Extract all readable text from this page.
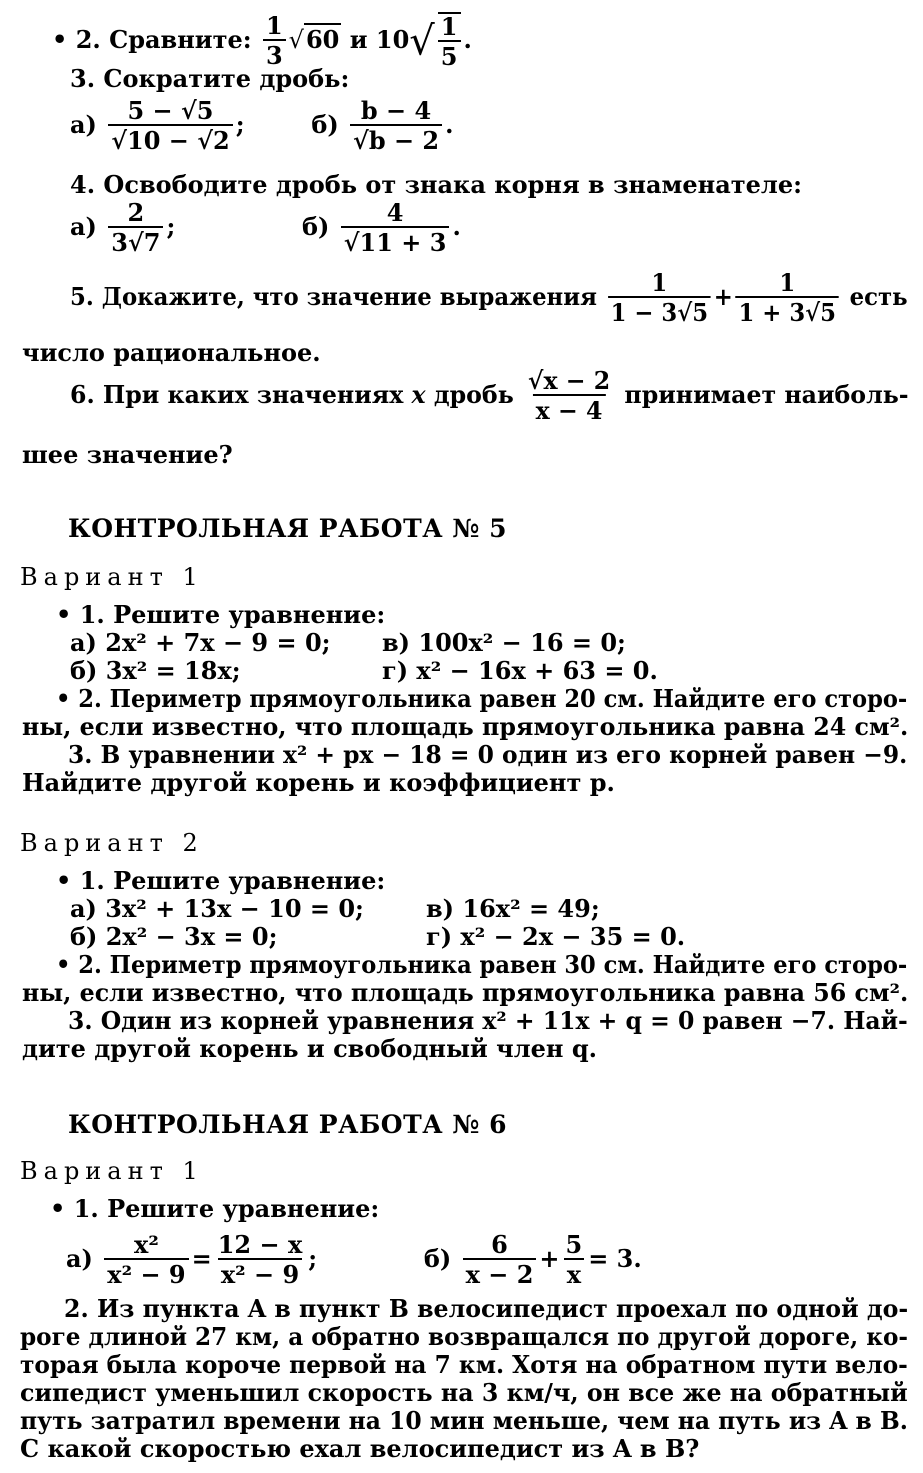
• 2. Сравните: $\frac{1}{3} √60$ и $10√ \frac{1}{5}$ .
3. Сократите дробь:
$а) \frac{5 - √5}{√10 - √2}$ ;	$б) \frac{b - 4}{√b - 2}$ .
4. Освободите дробь от знака корня в знаменателе:
$а) \frac{2}{3√7}$ ;	$б) \frac{4}{√11 + 3}$ .
5. Докажите, что значение выражения $\frac{1}{1 - 3√5} + \frac{1}{1 + 3√5}$ есть
число рациональное.
6. При каких значениях x дробь $\frac{√x - 2}{x - 4}$ принимает наиболь-
шее значение?
КОНТРОЛЬНАЯ РАБОТА № 5
Вариант 1
• 1. Решите уравнение:
а) 2x² + 7x − 9 = 0; в) 100x² − 16 = 0;
б) 3x² = 18x;	г) x² − 16x + 63 = 0.
• 2. Периметр прямоугольника равен 20 см. Найдите его сторо-
ны, если известно, что площадь прямоугольника равна 24 см².
3. В уравнении x² + px − 18 = 0 один из его корней равен −9.
Найдите другой корень и коэффициент p.
Вариант 2
• 1. Решите уравнение:
а) 3x² + 13x − 10 = 0;	в) 16x² = 49;
б) 2x² − 3x = 0;	г) x² − 2x − 35 = 0.
• 2. Периметр прямоугольника равен 30 см. Найдите его сторо-
ны, если известно, что площадь прямоугольника равна 56 см².
3. Один из корней уравнения x² + 11x + q = 0 равен −7. Най-
дите другой корень и свободный член q.
КОНТРОЛЬНАЯ РАБОТА № 6
Вариант 1
• 1. Решите уравнение:
$а) \frac{\text{x²}}{\text{x² − 9}} = \frac{12 - x}{\text{x² − 9}}$ ;	$б) \frac{6}{x - 2} + \frac{5}{x} = 3$.
2. Из пункта A в пункт B велосипедист проехал по одной до-
роге длиной 27 км, а обратно возвращался по другой дороге, ко-
торая была короче первой на 7 км. Хотя на обратном пути вело-
сипедист уменьшил скорость на 3 км/ч, он все же на обратный
путь затратил времени на 10 мин меньше, чем на путь из A в B.
С какой скоростью ехал велосипедист из A в B?
